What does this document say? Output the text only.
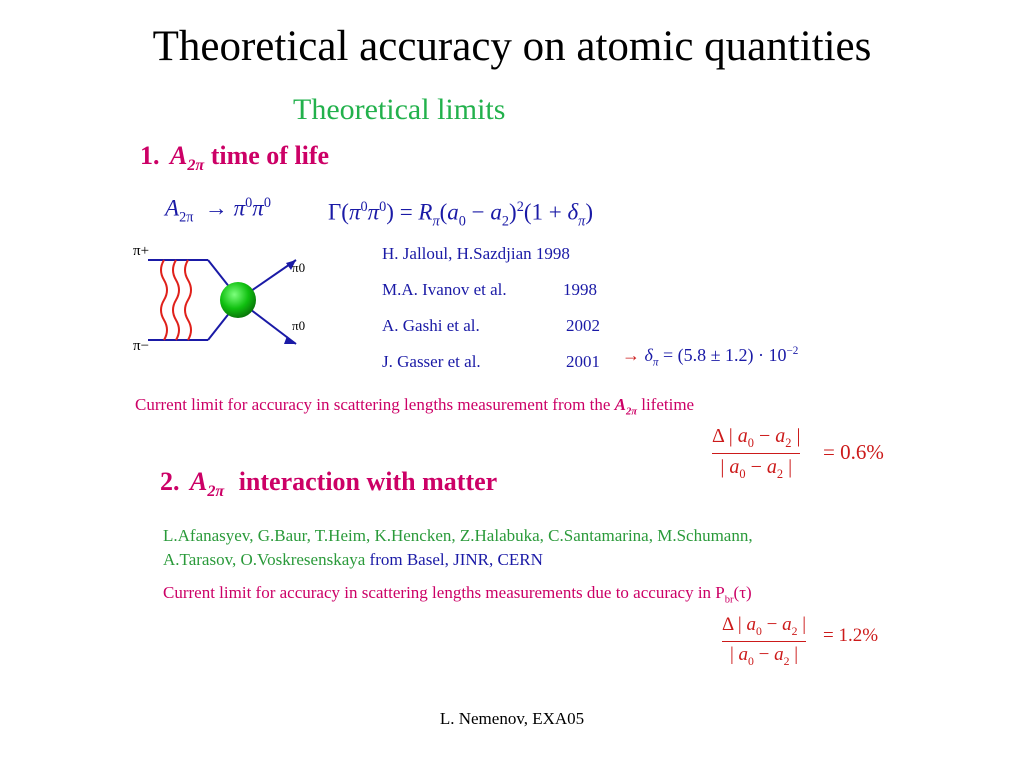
Theoretical accuracy on atomic quantities
Theoretical limits
1. $A_{2\pi}$ time of life
$A_{2\pi} \to \pi^0\pi^0$ $\Gamma(\pi^0\pi^0) = R_\pi(a_0 - a_2)^2(1 + \delta_\pi)$
π+
π−
π0
π0
H. Jalloul, H.Sazdjian 1998
M.A. Ivanov et al.	1998
A. Gashi et al.	2002
J. Gasser et al.	$2001 \to \delta_\pi = (5.8 \pm 1.2) \cdot 10^{-2}$
Current limit for accuracy in scattering lengths measurement from the $A_{2\pi}$ lifetime
Δ | $a_0 - a_2$ |
| $a_0 - a_2$ |
= 0.6%
2. $A_{2\pi}$ interaction with matter
L.Afanasyev, G.Baur, T.Heim, K.Hencken, Z.Halabuka, C.Santamarina, M.Schumann,
A.Tarasov, O.Voskresenskaya from Basel, JINR, CERN
Current limit for accuracy in scattering lengths measurements due to accuracy in $P_{br}(\tau)$
Δ | $a_0 - a_2$ |
| $a_0 - a_2$ |
= 1.2%
L. Nemenov, EXA05
